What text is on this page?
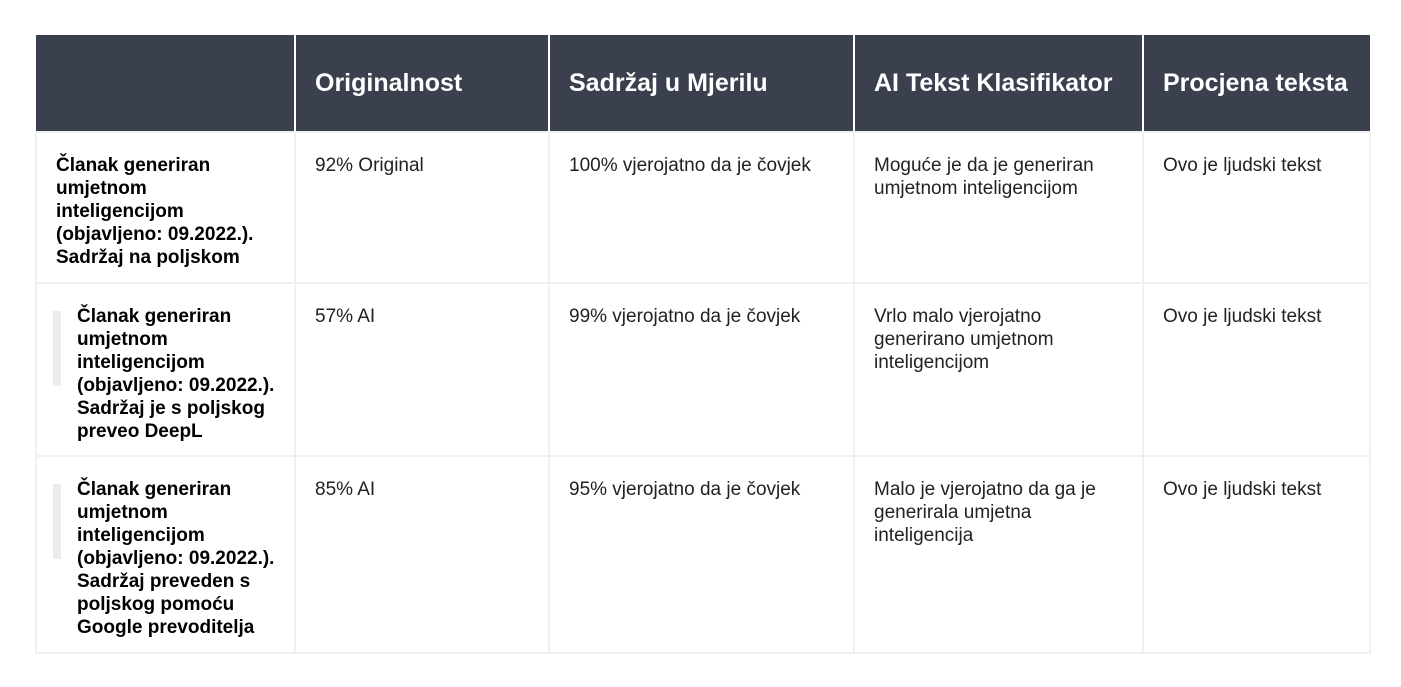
	Originalnost	Sadržaj u Mjerilu	AI Tekst Klasifikator	Procjena teksta
Članak generiran umjetnom inteligencijom (objavljeno: 09.2022.). Sadržaj na poljskom	92% Original	100% vjerojatno da je čovjek	Moguće je da je generiran umjetnom inteligencijom	Ovo je ljudski tekst

Članak generiran umjetnom inteligencijom (objavljeno: 09.2022.). Sadržaj je s poljskog preveo DeepL	57% AI	99% vjerojatno da je čovjek	Vrlo malo vjerojatno generirano umjetnom inteligencijom	Ovo je ljudski tekst

Članak generiran umjetnom inteligencijom (objavljeno: 09.2022.). Sadržaj preveden s poljskog pomoću Google prevoditelja	85% AI	95% vjerojatno da je čovjek	Malo je vjerojatno da ga je generirala umjetna inteligencija	Ovo je ljudski tekst
